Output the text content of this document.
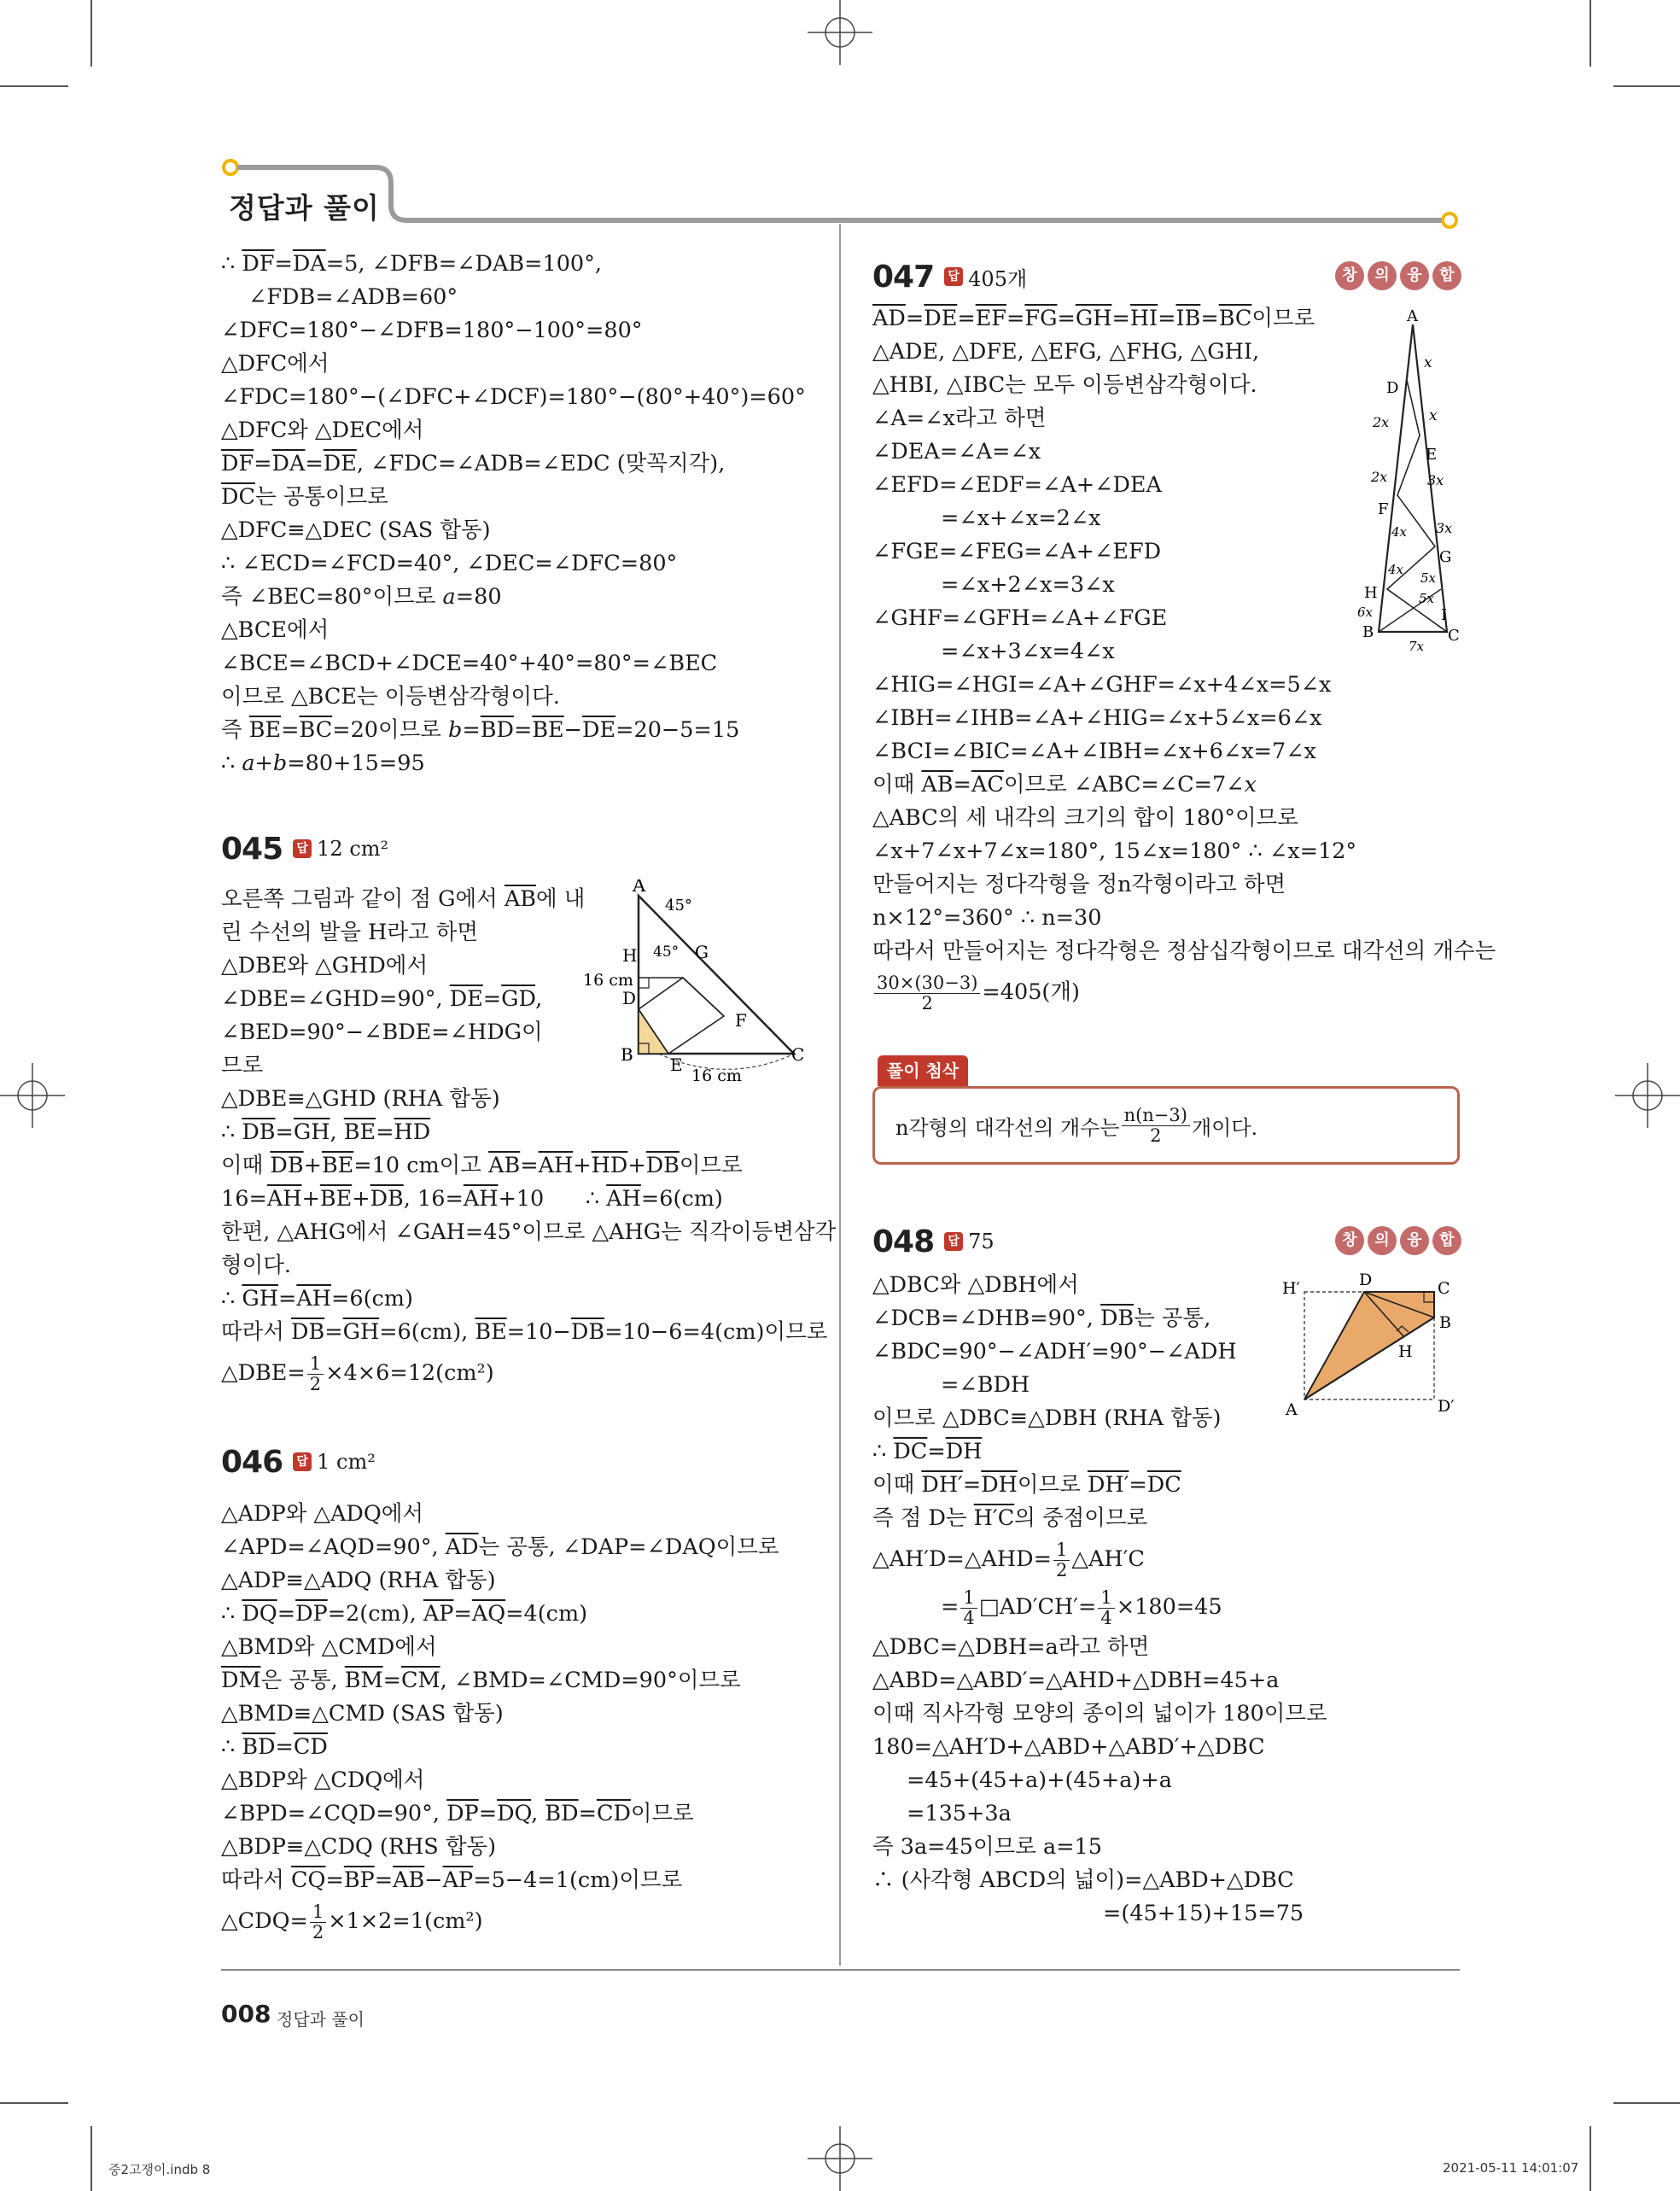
정답과 풀이
∴ $\overline{DF}=\overline{DA}=5$, ∠DFB=∠DAB=100°,
∠FDB=∠ADB=60°
∠DFC=180°−∠DFB=180°−100°=80°
△DFC에서
∠FDC=180°−(∠DFC+∠DCF)=180°−(80°+40°)=60°
△DFC와 △DEC에서
$\overline{DF}=\overline{DA}=\overline{DE}$, ∠FDC=∠ADB=∠EDC (맞꼭지각),
$\overline{DC}$는 공통이므로
△DFC≡△DEC (SAS 합동)
∴ ∠ECD=∠FCD=40°, ∠DEC=∠DFC=80°
즉 ∠BEC=80°이므로 a=80
△BCE에서
∠BCE=∠BCD+∠DCE=40°+40°=80°=∠BEC
이므로 △BCE는 이등변삼각형이다.
즉 $\overline{BE}=\overline{BC}=20$이므로 $b=\overline{BD}=\overline{BE}-\overline{DE}=20-5=15$
∴ a+b=80+15=95
045	답 12 cm²
오른쪽 그림과 같이 점 G에서 $\overline{AB}$에 내
린 수선의 발을 H라고 하면
△DBE와 △GHD에서
∠DBE=∠GHD=90°, $\overline{DE}=\overline{GD}$,
∠BED=90°−∠BDE=∠HDG이
므로
△DBE≡△GHD (RHA 합동)
∴ $\overline{DB}=\overline{GH}$, $\overline{BE}=\overline{HD}$
이때 $\overline{DB}+\overline{BE}=10$ cm이고 $\overline{AB}=\overline{AH}+\overline{HD}+\overline{DB}$이므로
$16=\overline{AH}+\overline{BE}+\overline{DB}$, $16=\overline{AH}+10$      ∴ $\overline{AH}=6(cm)$
한편, △AHG에서 ∠GAH=45°이므로 △AHG는 직각이등변삼각
형이다.
∴ $\overline{GH}=\overline{AH}=6(cm)$
따라서 $\overline{DB}=\overline{GH}=6(cm)$, $\overline{BE}=10-\overline{DB}=10-6=4(cm)$이므로
△DBE= $\frac{1}{2} \times 4\times 6=12(cm^2)$
A
45°
45°
H	G
16 cm
D
F
B E	C
16 cm
046	답 1 cm²
△ADP와 △ADQ에서
∠APD=∠AQD=90°, $\overline{AD}$는 공통, ∠DAP=∠DAQ이므로
△ADP≡△ADQ (RHA 합동)
∴ $\overline{DQ}=\overline{DP}=2(cm)$, $\overline{AP}=\overline{AQ}=4(cm)$
△BMD와 △CMD에서
$\overline{DM}$은 공통, $\overline{BM}=\overline{CM}$, ∠BMD=∠CMD=90°이므로
△BMD≡△CMD (SAS 합동)
∴ $\overline{BD}=\overline{CD}$
△BDP와 △CDQ에서
∠BPD=∠CQD=90°, $\overline{DP}=\overline{DQ}$, $\overline{BD}=\overline{CD}$이므로
△BDP≡△CDQ (RHS 합동)
따라서 $\overline{CQ}=\overline{BP}=\overline{AB}-\overline{AP}=5-4=1(cm)$이므로
△CDQ= $\frac{1}{2} \times 1\times 2=1(cm^2)$
047	답 405개	창	의	융	합
$\overline{AD}=\overline{DE}=\overline{EF}=\overline{FG}=\overline{GH}=\overline{HI}=\overline{IB}=\overline{BC}$이므로
△ADE, △DFE, △EFG, △FHG, △GHI,
△HBI, △IBC는 모두 이등변삼각형이다.
∠A=∠x라고 하면
∠DEA=∠A=∠x
∠EFD=∠EDF=∠A+∠DEA
=∠x+∠x=2∠x
∠FGE=∠FEG=∠A+∠EFD
=∠x+2∠x=3∠x
∠GHF=∠GFH=∠A+∠FGE
=∠x+3∠x=4∠x
∠HIG=∠HGI=∠A+∠GHF=∠x+4∠x=5∠x
∠IBH=∠IHB=∠A+∠HIG=∠x+5∠x=6∠x
∠BCI=∠BIC=∠A+∠IBH=∠x+6∠x=7∠x
이때 $\overline{AB}=\overline{AC}$이므로 ∠ABC=∠C=7∠x
△ABC의 세 내각의 크기의 합이 180°이므로
∠x+7∠x+7∠x=180°, 15∠x=180° ∴ ∠x=12°
만들어지는 정다각형을 정n각형이라고 하면
n×12°=360° ∴ n=30
따라서 만들어지는 정다각형은 정삼십각형이므로 대각선의 개수는
$\frac{30\times(30-3)}{2} =405$(개)
A
x
D
x
2x
E
2x	3x
F
3x
4x
G
4x
5x
H	5x
6x	I
B	C
7x
풀이 첨삭
n각형의 대각선의 개수는 $\frac{n(n-3)}{2}$ 개이다.
048	답 75	창	의	융	합
△DBC와 △DBH에서
∠DCB=∠DHB=90°, $\overline{DB}$는 공통,
∠BDC=90°−∠ADH′=90°−∠ADH
=∠BDH
이므로 △DBC≡△DBH (RHA 합동)
∴ $\overline{DC}=\overline{DH}$
이때 $DH'=\overline{DH}$이므로 $DH'=\overline{DC}$
즉 점 D는 H′C의 중점이므로
△AH′D=△AHD= $\frac{1}{2}$ △AH′C
= $\frac{1}{4}$ □AD′CH′= $\frac{1}{4} \times 180=45$
△DBC=△DBH=a라고 하면
△ABD=△ABD′=△AHD+△DBH=45+a
이때 직사각형 모양의 종이의 넓이가 180이므로
180=△AH′D+△ABD+△ABD′+△DBC
=45+(45+a)+(45+a)+a
=135+3a
즉 3a=45이므로 a=15
∴ (사각형 ABCD의 넓이)=△ABD+△DBC
=(45+15)+15=75
H′	D	C
B
H
A	D′
008 정답과 풀이
중2고쟁이.indb 8	2021-05-11 14:01:07
